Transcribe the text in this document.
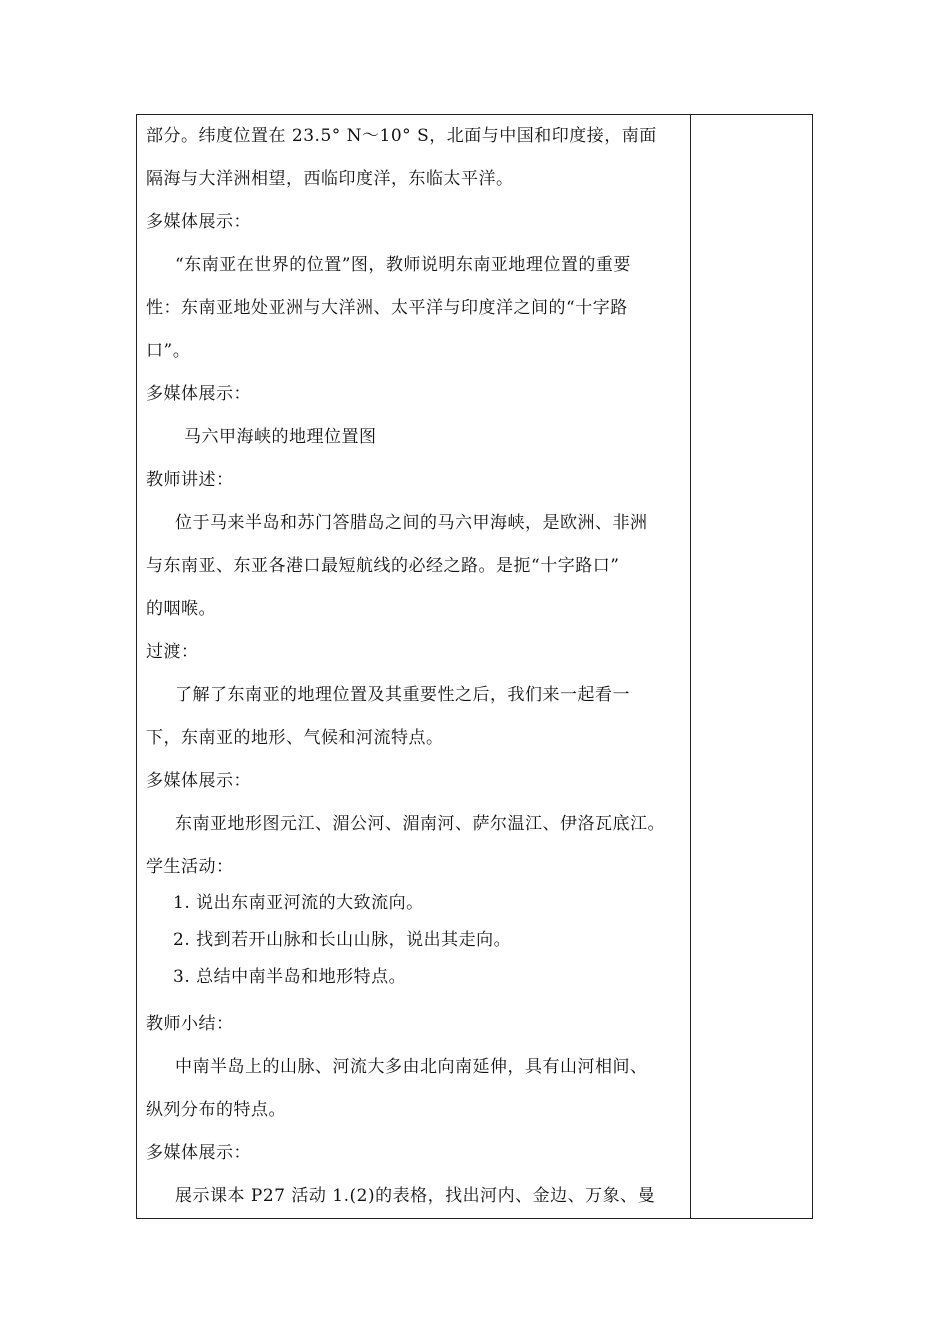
部分。纬度位置在 23.5° N～10° S，北面与中国和印度接，南面
隔海与大洋洲相望，西临印度洋，东临太平洋。
多媒体展示：
“东南亚在世界的位置”图，教师说明东南亚地理位置的重要
性：东南亚地处亚洲与大洋洲、太平洋与印度洋之间的“十字路
口”。
多媒体展示：
马六甲海峡的地理位置图
教师讲述：
位于马来半岛和苏门答腊岛之间的马六甲海峡，是欧洲、非洲
与东南亚、东亚各港口最短航线的必经之路。是扼“十字路口”
的咽喉。
过渡：
了解了东南亚的地理位置及其重要性之后，我们来一起看一
下，东南亚的地形、气候和河流特点。
多媒体展示：
东南亚地形图元江、湄公河、湄南河、萨尔温江、伊洛瓦底江。
学生活动：
1. 说出东南亚河流的大致流向。
2. 找到若开山脉和长山山脉，说出其走向。
3. 总结中南半岛和地形特点。
教师小结：
中南半岛上的山脉、河流大多由北向南延伸，具有山河相间、
纵列分布的特点。
多媒体展示：
展示课本 P27 活动 1.(2)的表格，找出河内、金边、万象、曼
